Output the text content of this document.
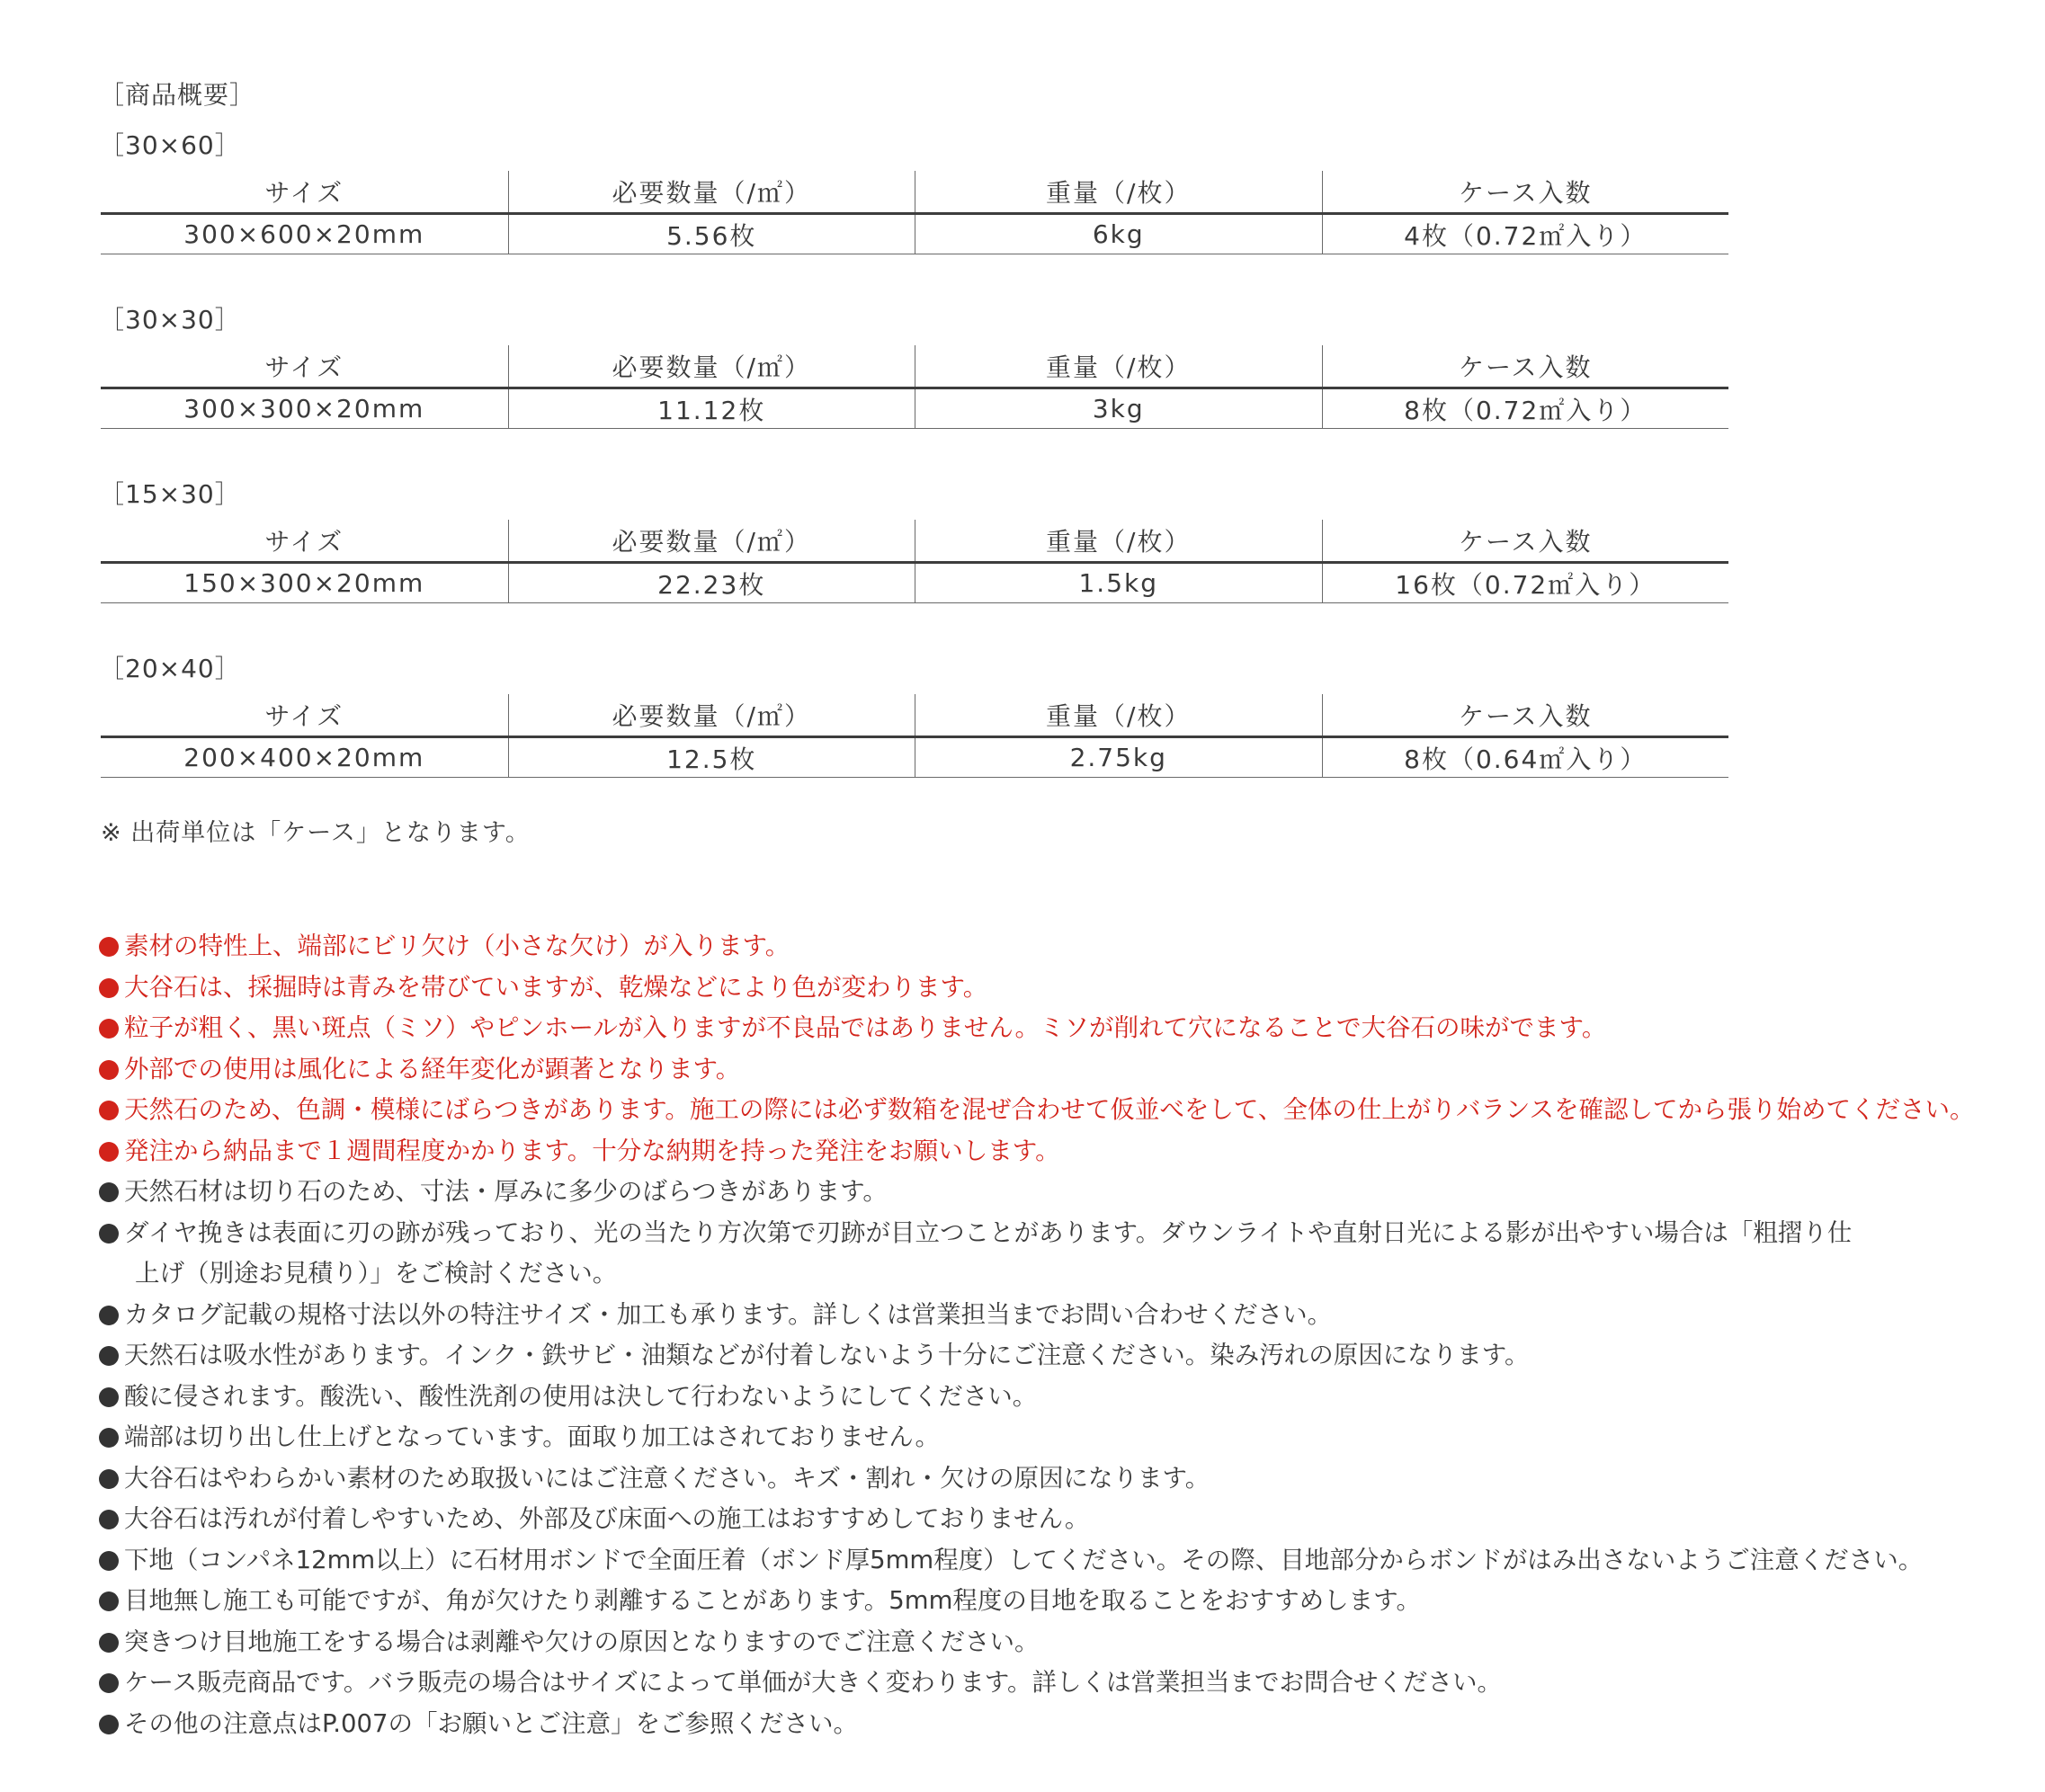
［商品概要］
［30×60］
サイズ	必要数量（/㎡）	重量（/枚）	ケース入数
300×600×20mm	5.56枚	6kg	4枚（0.72㎡入り）
［30×30］
サイズ	必要数量（/㎡）	重量（/枚）	ケース入数
300×300×20mm	11.12枚	3kg	8枚（0.72㎡入り）
［15×30］
サイズ	必要数量（/㎡）	重量（/枚）	ケース入数
150×300×20mm	22.23枚	1.5kg	16枚（0.72㎡入り）
［20×40］
サイズ	必要数量（/㎡）	重量（/枚）	ケース入数
200×400×20mm	12.5枚	2.75kg	8枚（0.64㎡入り）
※ 出荷単位は「ケース」となります。
素材の特性上、端部にビリ欠け（小さな欠け）が入ります。
大谷石は、採掘時は青みを帯びていますが、乾燥などにより色が変わります。
粒子が粗く、黒い斑点（ミソ）やピンホールが入りますが不良品ではありません。ミソが削れて穴になることで大谷石の味がでます。
外部での使用は風化による経年変化が顕著となります。
天然石のため、色調・模様にばらつきがあります。施工の際には必ず数箱を混ぜ合わせて仮並べをして、全体の仕上がりバランスを確認してから張り始めてください。
発注から納品まで１週間程度かかります。十分な納期を持った発注をお願いします。
天然石材は切り石のため、寸法・厚みに多少のばらつきがあります。
ダイヤ挽きは表面に刃の跡が残っており、光の当たり方次第で刃跡が目立つことがあります。ダウンライトや直射日光による影が出やすい場合は「粗摺り仕
上げ（別途お見積り）」をご検討ください。
カタログ記載の規格寸法以外の特注サイズ・加工も承ります。詳しくは営業担当までお問い合わせください。
天然石は吸水性があります。インク・鉄サビ・油類などが付着しないよう十分にご注意ください。染み汚れの原因になります。
酸に侵されます。酸洗い、酸性洗剤の使用は決して行わないようにしてください。
端部は切り出し仕上げとなっています。面取り加工はされておりません。
大谷石はやわらかい素材のため取扱いにはご注意ください。キズ・割れ・欠けの原因になります。
大谷石は汚れが付着しやすいため、外部及び床面への施工はおすすめしておりません。
下地（コンパネ12mm以上）に石材用ボンドで全面圧着（ボンド厚5mm程度）してください。その際、目地部分からボンドがはみ出さないようご注意ください。
目地無し施工も可能ですが、角が欠けたり剥離することがあります。5mm程度の目地を取ることをおすすめします。
突きつけ目地施工をする場合は剥離や欠けの原因となりますのでご注意ください。
ケース販売商品です。バラ販売の場合はサイズによって単価が大きく変わります。詳しくは営業担当までお問合せください。
その他の注意点はP.007の「お願いとご注意」をご参照ください。
